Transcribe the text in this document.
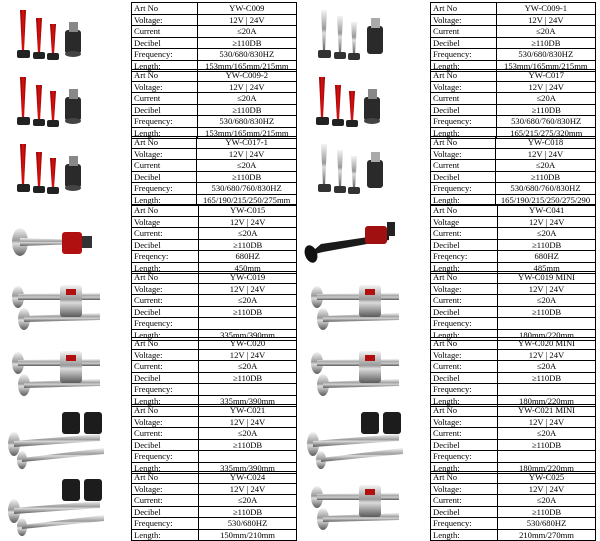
Art No	YW-C009
Voltage:	12V | 24V
Current	≤20A
Decibel	≥110DB
Frequency:	530/680/830HZ
Length:	153mm/165mm/215mm
Art No	YW-C009-1
Voltage:	12V | 24V
Current	≤20A
Decibel	≥110DB
Frequency:	530/680/830HZ
Length:	153mm/165mm/215mm
Art No	YW-C009-2
Voltage:	12V | 24V
Current	≤20A
Decibel	≥110DB
Frequency:	530/680/830HZ
Length:	153mm/165mm/215mm
Art No	YW-C017
Voltage:	12V | 24V
Current	≤20A
Decibel	≥110DB
Frequency:	530/680/760/830HZ
Length:	165/215/275/320mm
Art No	YW-C017-1
Voltage:	12V | 24V
Current	≤20A
Decibel	≥110DB
Frequency:	530/680/760/830HZ
Length:	165/190/215/250/275mm
Art No	YW-C018
Voltage:	12V | 24V
Current	≤20A
Decibel	≥110DB
Frequency:	530/680/760/830HZ
Length:	165/190/215/250/275/290
Art No	YW-C015
Voltage	12V | 24V
Current:	≤20A
Decibel	≥110DB
Freqency:	680HZ
Length:	450mm
Art No	YW-C041
Voltage	12V | 24V
Current:	≤20A
Decibel	≥110DB
Freqency:	680HZ
Length:	485mm
Art No	YW-C019
Voltage:	12V | 24V
Current:	≤20A
Decibel	≥110DB
Frequency:	
Length:	335mm/390mm
Art No	YW-C019 MINI
Voltage:	12V | 24V
Current:	≤20A
Decibel	≥110DB
Frequency:	
Length:	180mm/220mm
Art No	YW-C020
Voltage:	12V | 24V
Current:	≤20A
Decibel	≥110DB
Frequency:	
Length:	335mm/390mm
Art No	YW-C020 MINI
Voltage:	12V | 24V
Current:	≤20A
Decibel	≥110DB
Frequency:	
Length:	180mm/220mm
Art No	YW-C021
Voltage:	12V | 24V
Current:	≤20A
Decibel	≥110DB
Frequency:	
Length:	335mm/390mm
Art No	YW-C021 MINI
Voltage:	12V | 24V
Current:	≤20A
Decibel	≥110DB
Frequency:	
Length:	180mm/220mm
Art No	YW-C024
Voltage:	12V | 24V
Current:	≤20A
Decibel	≥110DB
Frequency:	530/680HZ
Length:	150mm/210mm
Art No	YW-C025
Voltage:	12V | 24V
Current:	≤20A
Decibel	≥110DB
Frequency:	530/680HZ
Length:	210mm/270mm
